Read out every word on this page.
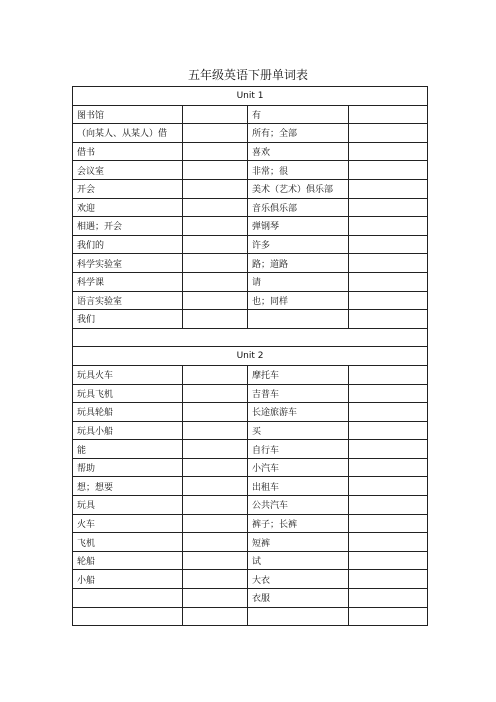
五年级英语下册单词表
Unit 1			
图书馆		有	
（向某人、从某人）借		所有；全部	
借书		喜欢	
会议室		非常；很	
开会		美术（艺术）俱乐部	
欢迎		音乐俱乐部	
相遇；开会		弹钢琴	
我们的		许多	
科学实验室		路；道路	
科学课		请	
语言实验室		也；同样	
我们			

Unit 2			
玩具火车		摩托车	
玩具飞机		吉普车	
玩具轮船		长途旅游车	
玩具小船		买	
能		自行车	
帮助		小汽车	
想；想要		出租车	
玩具		公共汽车	
火车		裤子；长裤	
飞机		短裤	
轮船		试	
小船		大衣	
		衣服	
